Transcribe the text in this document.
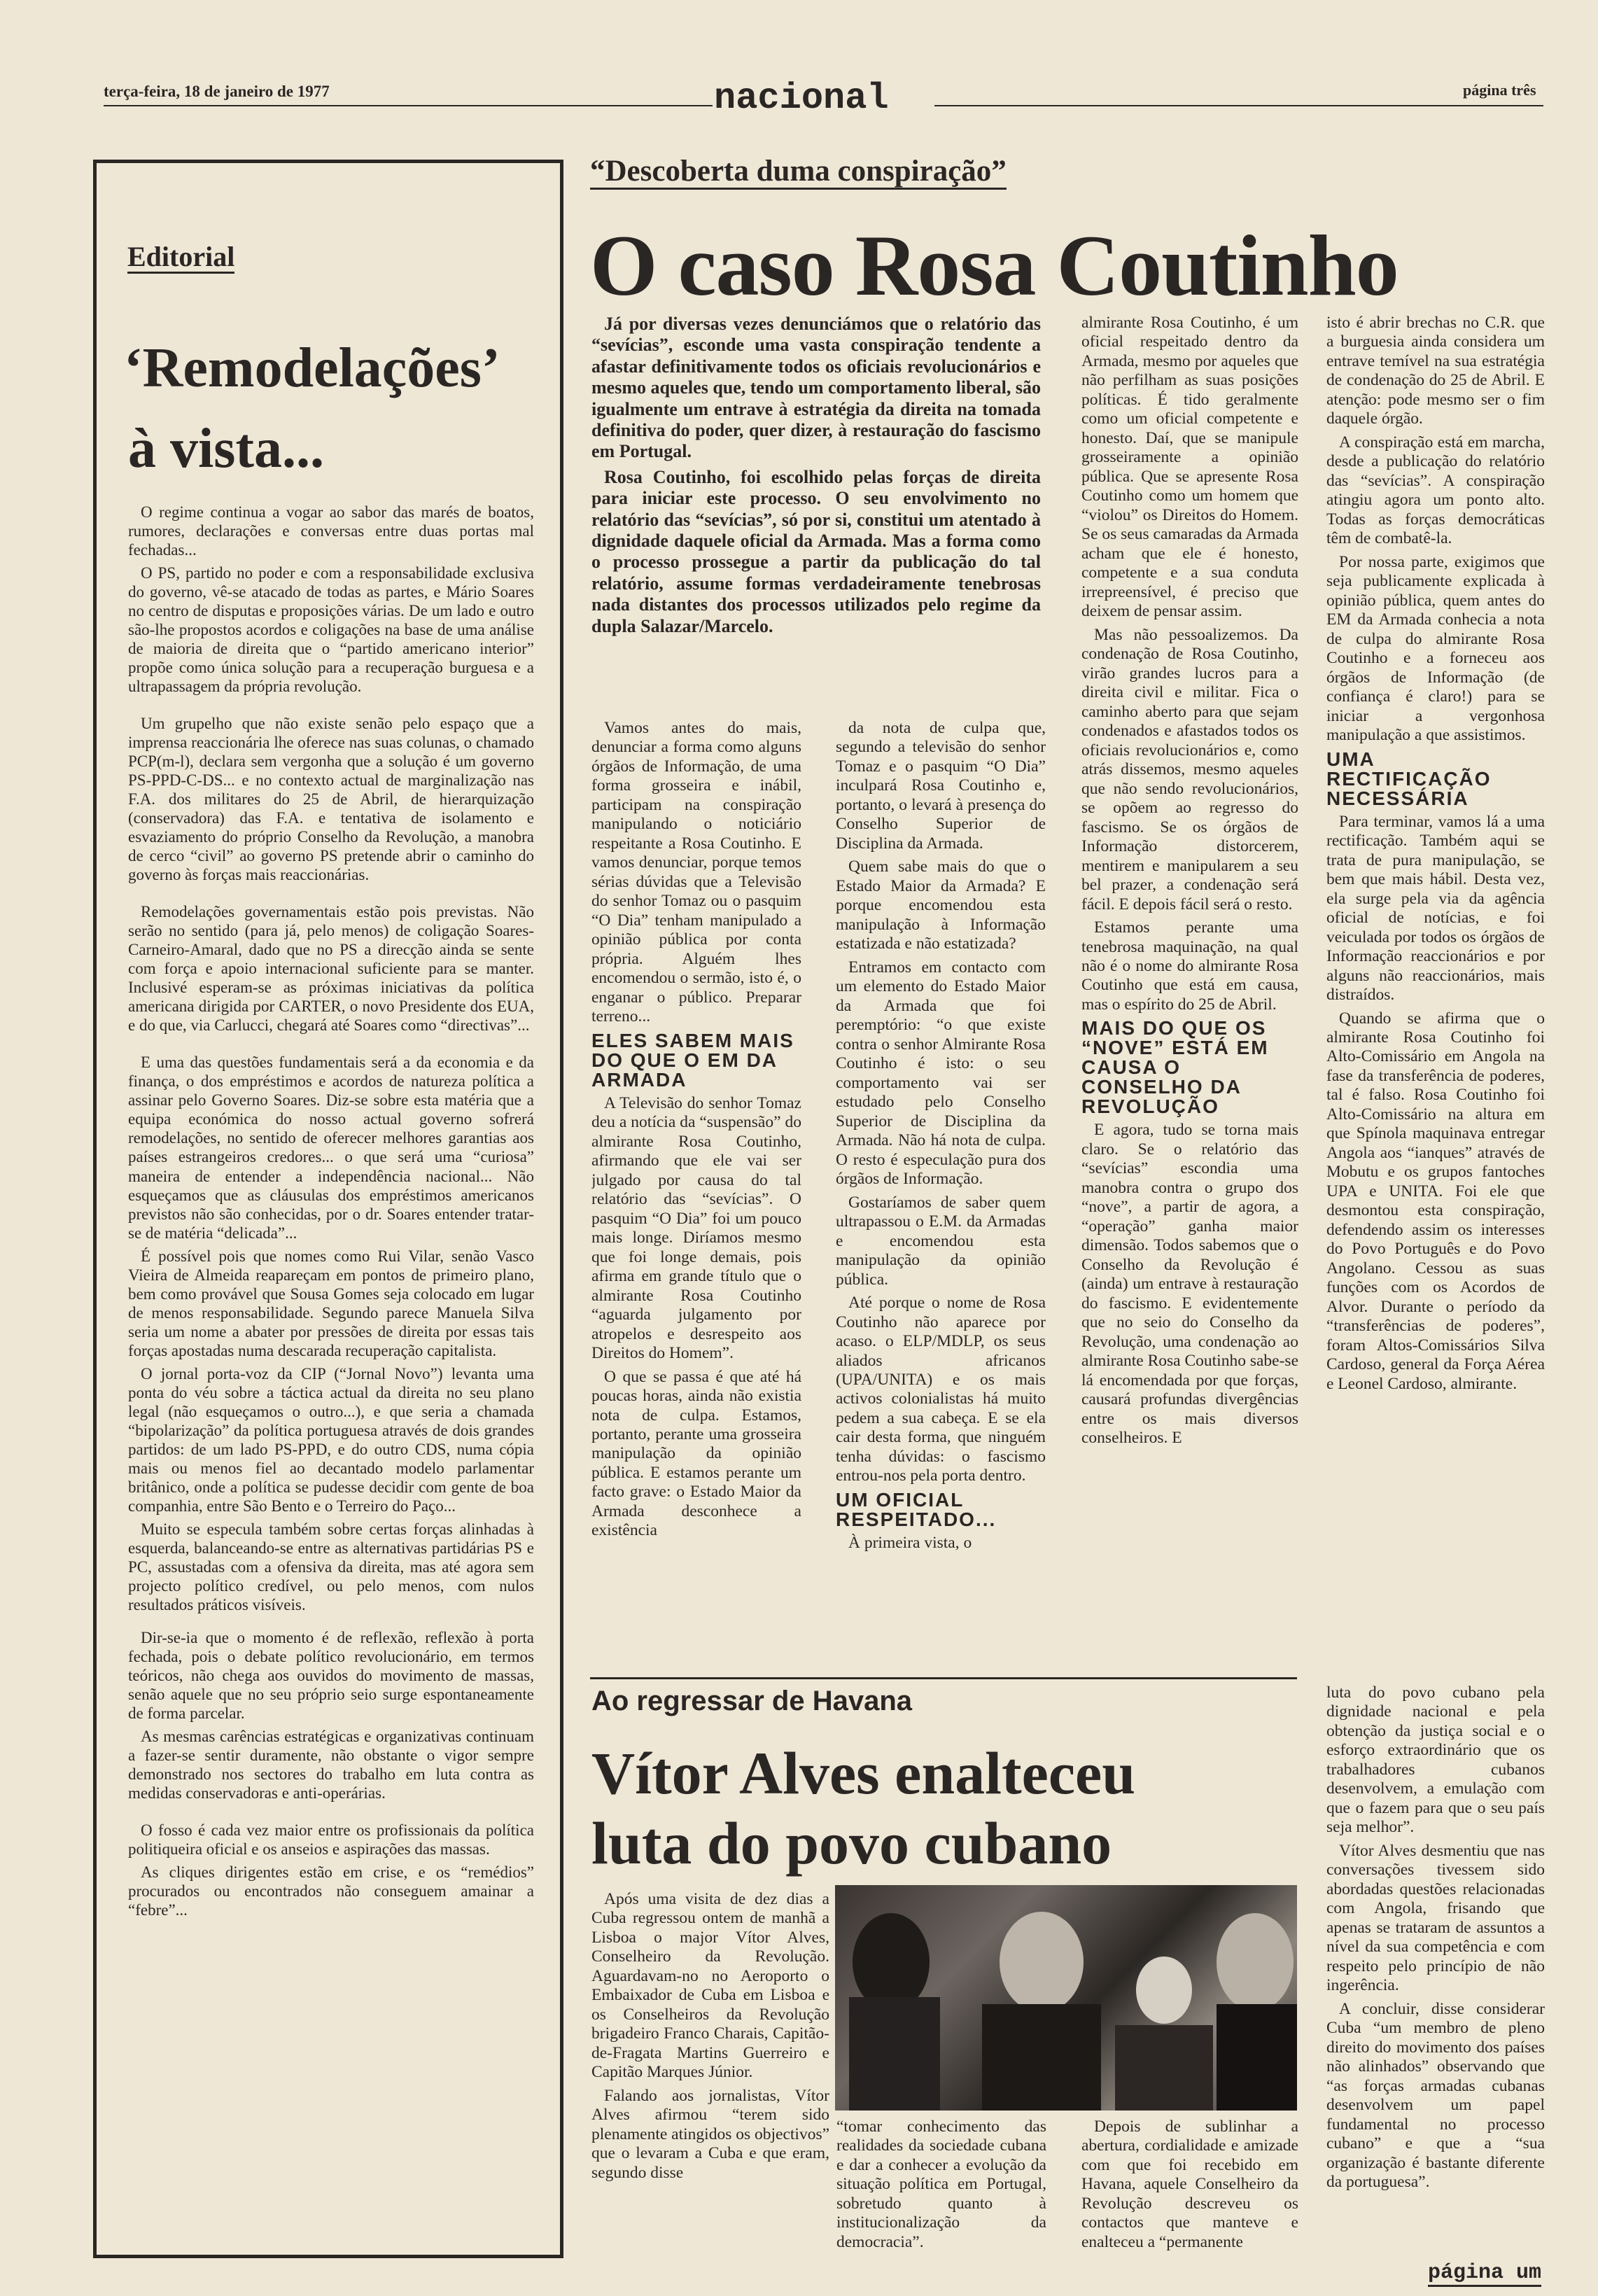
terça-feira, 18 de janeiro de 1977	nacional	página três
Editorial
‘Remodelações’
à vista...

O regime continua a vogar ao sabor das marés de boatos, rumores, declarações e conversas entre duas portas mal fechadas...

O PS, partido no poder e com a responsabilidade exclusiva do governo, vê-se atacado de todas as partes, e Mário Soares no centro de disputas e proposições várias. De um lado e outro são-lhe propostos acordos e coligações na base de uma análise de maioria de direita que o “partido americano interior” propõe como única solução para a recuperação burguesa e a ultrapassagem da própria revolução.

Um grupelho que não existe senão pelo espaço que a imprensa reaccionária lhe oferece nas suas colunas, o chamado PCP(m-l), declara sem vergonha que a solução é um governo PS-PPD-C-DS... e no contexto actual de marginalização nas F.A. dos militares do 25 de Abril, de hierarquização (conservadora) das F.A. e tentativa de isolamento e esvaziamento do próprio Conselho da Revolução, a manobra de cerco “civil” ao governo PS pretende abrir o caminho do governo às forças mais reaccionárias.

Remodelações governamentais estão pois previstas. Não serão no sentido (para já, pelo menos) de coligação Soares-Carneiro-Amaral, dado que no PS a direcção ainda se sente com força e apoio internacional suficiente para se manter. Inclusivé esperam-se as próximas iniciativas da política americana dirigida por CARTER, o novo Presidente dos EUA, e do que, via Carlucci, chegará até Soares como “directivas”...

E uma das questões fundamentais será a da economia e da finança, o dos empréstimos e acordos de natureza política a assinar pelo Governo Soares. Diz-se sobre esta matéria que a equipa económica do nosso actual governo sofrerá remodelações, no sentido de oferecer melhores garantias aos países estrangeiros credores... o que será uma “curiosa” maneira de entender a independência nacional... Não esqueçamos que as cláusulas dos empréstimos americanos previstos não são conhecidas, por o dr. Soares entender tratar-se de matéria “delicada”...

É possível pois que nomes como Rui Vilar, senão Vasco Vieira de Almeida reapareçam em pontos de primeiro plano, bem como provável que Sousa Gomes seja colocado em lugar de menos responsabilidade. Segundo parece Manuela Silva seria um nome a abater por pressões de direita por essas tais forças apostadas numa descarada recuperação capitalista.

O jornal porta-voz da CIP (“Jornal Novo”) levanta uma ponta do véu sobre a táctica actual da direita no seu plano legal (não esqueçamos o outro...), e que seria a chamada “bipolarização” da política portuguesa através de dois grandes partidos: de um lado PS-PPD, e do outro CDS, numa cópia mais ou menos fiel ao decantado modelo parlamentar britânico, onde a política se pudesse decidir com gente de boa companhia, entre São Bento e o Terreiro do Paço...

Muito se especula também sobre certas forças alinhadas à esquerda, balanceando-se entre as alternativas partidárias PS e PC, assustadas com a ofensiva da direita, mas até agora sem projecto político credível, ou pelo menos, com nulos resultados práticos visíveis.

Dir-se-ia que o momento é de reflexão, reflexão à porta fechada, pois o debate político revolucionário, em termos teóricos, não chega aos ouvidos do movimento de massas, senão aquele que no seu próprio seio surge espontaneamente de forma parcelar.

As mesmas carências estratégicas e organizativas continuam a fazer-se sentir duramente, não obstante o vigor sempre demonstrado nos sectores do trabalho em luta contra as medidas conservadoras e anti-operárias.

O fosso é cada vez maior entre os profissionais da política politiqueira oficial e os anseios e aspirações das massas.

As cliques dirigentes estão em crise, e os “remédios” procurados ou encontrados não conseguem amainar a “febre”...

“Descoberta duma conspiração”
O caso Rosa Coutinho

Já por diversas vezes denunciámos que o relatório das “sevícias”, esconde uma vasta conspiração tendente a afastar definitivamente todos os oficiais revolucionários e mesmo aqueles que, tendo um comportamento liberal, são igualmente um entrave à estratégia da direita na tomada definitiva do poder, quer dizer, à restauração do fascismo em Portugal.

Rosa Coutinho, foi escolhido pelas forças de direita para iniciar este processo. O seu envolvimento no relatório das “sevícias”, só por si, constitui um atentado à dignidade daquele oficial da Armada. Mas a forma como o processo prossegue a partir da publicação do tal relatório, assume formas verdadeiramente tenebrosas nada distantes dos processos utilizados pelo regime da dupla Salazar/Marcelo.

Vamos antes do mais, denunciar a forma como alguns órgãos de Informação, de uma forma grosseira e inábil, participam na conspiração manipulando o noticiário respeitante a Rosa Coutinho. E vamos denunciar, porque temos sérias dúvidas que a Televisão do senhor Tomaz ou o pasquim “O Dia” tenham manipulado a opinião pública por conta própria. Alguém lhes encomendou o sermão, isto é, o enganar o público. Preparar terreno...

ELES SABEM MAIS DO QUE O EM DA ARMADA

A Televisão do senhor Tomaz deu a notícia da “suspensão” do almirante Rosa Coutinho, afirmando que ele vai ser julgado por causa do tal relatório das “sevícias”. O pasquim “O Dia” foi um pouco mais longe. Diríamos mesmo que foi longe demais, pois afirma em grande título que o almirante Rosa Coutinho “aguarda julgamento por atropelos e desrespeito aos Direitos do Homem”.

O que se passa é que até há poucas horas, ainda não existia nota de culpa. Estamos, portanto, perante uma grosseira manipulação da opinião pública. E estamos perante um facto grave: o Estado Maior da Armada desconhece a existência

da nota de culpa que, segundo a televisão do senhor Tomaz e o pasquim “O Dia” inculpará Rosa Coutinho e, portanto, o levará à presença do Conselho Superior de Disciplina da Armada.

Quem sabe mais do que o Estado Maior da Armada? E porque encomendou esta manipulação à Informação estatizada e não estatizada?

Entramos em contacto com um elemento do Estado Maior da Armada que foi peremptório: “o que existe contra o senhor Almirante Rosa Coutinho é isto: o seu comportamento vai ser estudado pelo Conselho Superior de Disciplina da Armada. Não há nota de culpa. O resto é especulação pura dos órgãos de Informação.

Gostaríamos de saber quem ultrapassou o E.M. da Armadas e encomendou esta manipulação da opinião pública.

Até porque o nome de Rosa Coutinho não aparece por acaso. o ELP/MDLP, os seus aliados africanos (UPA/UNITA) e os mais activos colonialistas há muito pedem a sua cabeça. E se ela cair desta forma, que ninguém tenha dúvidas: o fascismo entrou-nos pela porta dentro.

UM OFICIAL RESPEITADO...

À primeira vista, o

almirante Rosa Coutinho, é um oficial respeitado dentro da Armada, mesmo por aqueles que não perfilham as suas posições políticas. É tido geralmente como um oficial competente e honesto. Daí, que se manipule grosseiramente a opinião pública. Que se apresente Rosa Coutinho como um homem que “violou” os Direitos do Homem. Se os seus camaradas da Armada acham que ele é honesto, competente e a sua conduta irrepreensível, é preciso que deixem de pensar assim.

Mas não pessoalizemos. Da condenação de Rosa Coutinho, virão grandes lucros para a direita civil e militar. Fica o caminho aberto para que sejam condenados e afastados todos os oficiais revolucionários e, como atrás dissemos, mesmo aqueles que não sendo revolucionários, se opõem ao regresso do fascismo. Se os órgãos de Informação distorcerem, mentirem e manipularem a seu bel prazer, a condenação será fácil. E depois fácil será o resto.

Estamos perante uma tenebrosa maquinação, na qual não é o nome do almirante Rosa Coutinho que está em causa, mas o espírito do 25 de Abril.

MAIS DO QUE OS “NOVE” ESTÁ EM CAUSA O CONSELHO DA REVOLUÇÃO

E agora, tudo se torna mais claro. Se o relatório das “sevícias” escondia uma manobra contra o grupo dos “nove”, a partir de agora, a “operação” ganha maior dimensão. Todos sabemos que o Conselho da Revolução é (ainda) um entrave à restauração do fascismo. E evidentemente que no seio do Conselho da Revolução, uma condenação ao almirante Rosa Coutinho sabe-se lá encomendada por que forças, causará profundas divergências entre os mais diversos conselheiros. E

isto é abrir brechas no C.R. que a burguesia ainda considera um entrave temível na sua estratégia de condenação do 25 de Abril. E atenção: pode mesmo ser o fim daquele órgão.

A conspiração está em marcha, desde a publicação do relatório das “sevícias”. A conspiração atingiu agora um ponto alto. Todas as forças democráticas têm de combatê-la.

Por nossa parte, exigimos que seja publicamente explicada à opinião pública, quem antes do EM da Armada conhecia a nota de culpa do almirante Rosa Coutinho e a forneceu aos órgãos de Informação (de confiança é claro!) para se iniciar a vergonhosa manipulação a que assistimos.

UMA RECTIFICAÇÃO NECESSÁRIA

Para terminar, vamos lá a uma rectificação. Também aqui se trata de pura manipulação, se bem que mais hábil. Desta vez, ela surge pela via da agência oficial de notícias, e foi veiculada por todos os órgãos de Informação reaccionários e por alguns não reaccionários, mais distraídos.

Quando se afirma que o almirante Rosa Coutinho foi Alto-Comissário em Angola na fase da transferência de poderes, tal é falso. Rosa Coutinho foi Alto-Comissário na altura em que Spínola maquinava entregar Angola aos “ianques” através de Mobutu e os grupos fantoches UPA e UNITA. Foi ele que desmontou esta conspiração, defendendo assim os interesses do Povo Português e do Povo Angolano. Cessou as suas funções com os Acordos de Alvor. Durante o período da “transferências de poderes”, foram Altos-Comissários Silva Cardoso, general da Força Aérea e Leonel Cardoso, almirante.

Ao regressar de Havana
Vítor Alves enalteceu
luta do povo cubano

Após uma visita de dez dias a Cuba regressou ontem de manhã a Lisboa o major Vítor Alves, Conselheiro da Revolução. Aguardavam-no no Aeroporto o Embaixador de Cuba em Lisboa e os Conselheiros da Revolução brigadeiro Franco Charais, Capitão-de-Fragata Martins Guerreiro e Capitão Marques Júnior.

Falando aos jornalistas, Vítor Alves afirmou “terem sido plenamente atingidos os objectivos” que o levaram a Cuba e que eram, segundo disse

“tomar conhecimento das realidades da sociedade cubana e dar a conhecer a evolução da situação política em Portugal, sobretudo quanto à institucionalização da democracia”.

Depois de sublinhar a abertura, cordialidade e amizade com que foi recebido em Havana, aquele Conselheiro da Revolução descreveu os contactos que manteve e enalteceu a “permanente

luta do povo cubano pela dignidade nacional e pela obtenção da justiça social e o esforço extraordinário que os trabalhadores cubanos desenvolvem, a emulação com que o fazem para que o seu país seja melhor”.

Vítor Alves desmentiu que nas conversações tivessem sido abordadas questões relacionadas com Angola, frisando que apenas se trataram de assuntos a nível da sua competência e com respeito pelo princípio de não ingerência.

A concluir, disse considerar Cuba “um membro de pleno direito do movimento dos países não alinhados” observando que “as forças armadas cubanas desenvolvem um papel fundamental no processo cubano” e que a “sua organização é bastante diferente da portuguesa”.

página um
